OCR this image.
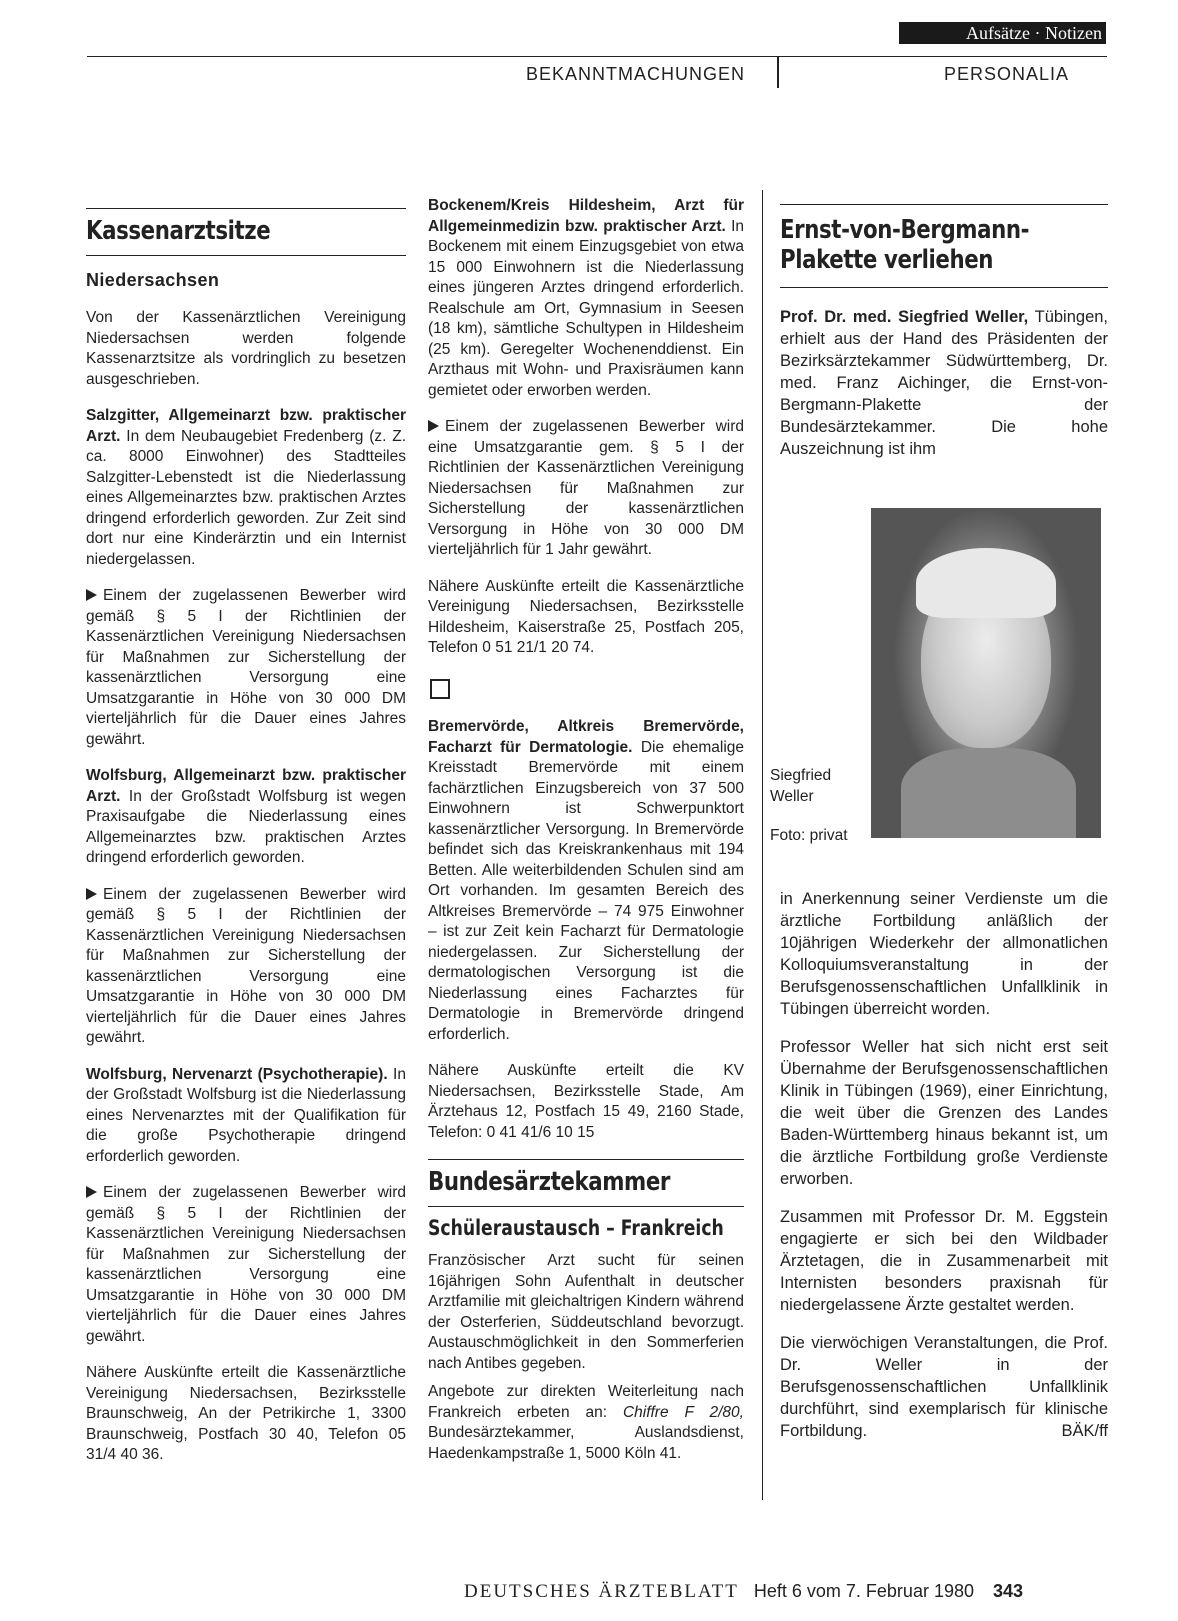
Aufsätze · Notizen
BEKANNTMACHUNGEN	PERSONALIA
Kassenarztsitze
Niedersachsen

Von der Kassenärztlichen Vereinigung Niedersachsen werden folgende Kassenarztsitze als vordringlich zu besetzen ausgeschrieben.

Salzgitter, Allgemeinarzt bzw. praktischer Arzt. In dem Neubaugebiet Fredenberg (z. Z. ca. 8000 Einwohner) des Stadtteiles Salzgitter-Lebenstedt ist die Niederlassung eines Allgemeinarztes bzw. praktischen Arztes dringend erforderlich geworden. Zur Zeit sind dort nur eine Kinderärztin und ein Internist niedergelassen.

Einem der zugelassenen Bewerber wird gemäß § 5 I der Richtlinien der Kassenärztlichen Vereinigung Niedersachsen für Maßnahmen zur Sicherstellung der kassenärztlichen Versorgung eine Umsatzgarantie in Höhe von 30 000 DM vierteljährlich für die Dauer eines Jahres gewährt.

Wolfsburg, Allgemeinarzt bzw. praktischer Arzt. In der Großstadt Wolfsburg ist wegen Praxisaufgabe die Niederlassung eines Allgemeinarztes bzw. praktischen Arztes dringend erforderlich geworden.

Einem der zugelassenen Bewerber wird gemäß § 5 I der Richtlinien der Kassenärztlichen Vereinigung Niedersachsen für Maßnahmen zur Sicherstellung der kassenärztlichen Versorgung eine Umsatzgarantie in Höhe von 30 000 DM vierteljährlich für die Dauer eines Jahres gewährt.

Wolfsburg, Nervenarzt (Psychotherapie). In der Großstadt Wolfsburg ist die Niederlassung eines Nervenarztes mit der Qualifikation für die große Psychotherapie dringend erforderlich geworden.

Einem der zugelassenen Bewerber wird gemäß § 5 I der Richtlinien der Kassenärztlichen Vereinigung Niedersachsen für Maßnahmen zur Sicherstellung der kassenärztlichen Versorgung eine Umsatzgarantie in Höhe von 30 000 DM vierteljährlich für die Dauer eines Jahres gewährt.

Nähere Auskünfte erteilt die Kassenärztliche Vereinigung Niedersachsen, Bezirksstelle Braunschweig, An der Petrikirche 1, 3300 Braunschweig, Postfach 30 40, Telefon 05 31/4 40 36.

Bockenem/Kreis Hildesheim, Arzt für Allgemeinmedizin bzw. praktischer Arzt. In Bockenem mit einem Einzugsgebiet von etwa 15 000 Einwohnern ist die Niederlassung eines jüngeren Arztes dringend erforderlich. Realschule am Ort, Gymnasium in Seesen (18 km), sämtliche Schultypen in Hildesheim (25 km). Geregelter Wochenenddienst. Ein Arzthaus mit Wohn- und Praxisräumen kann gemietet oder erworben werden.

Einem der zugelassenen Bewerber wird eine Umsatzgarantie gem. § 5 I der Richtlinien der Kassenärztlichen Vereinigung Niedersachsen für Maßnahmen zur Sicherstellung der kassenärztlichen Versorgung in Höhe von 30 000 DM vierteljährlich für 1 Jahr gewährt.

Nähere Auskünfte erteilt die Kassenärztliche Vereinigung Niedersachsen, Bezirksstelle Hildesheim, Kaiserstraße 25, Postfach 205, Telefon 0 51 21/1 20 74.

Bremervörde, Altkreis Bremervörde, Facharzt für Dermatologie. Die ehemalige Kreisstadt Bremervörde mit einem fachärztlichen Einzugsbereich von 37 500 Einwohnern ist Schwerpunktort kassenärztlicher Versorgung. In Bremervörde befindet sich das Kreiskrankenhaus mit 194 Betten. Alle weiterbildenden Schulen sind am Ort vorhanden. Im gesamten Bereich des Altkreises Bremervörde – 74 975 Einwohner – ist zur Zeit kein Facharzt für Dermatologie niedergelassen. Zur Sicherstellung der dermatologischen Versorgung ist die Niederlassung eines Facharztes für Dermatologie in Bremervörde dringend erforderlich.

Nähere Auskünfte erteilt die KV Niedersachsen, Bezirksstelle Stade, Am Ärztehaus 12, Postfach 15 49, 2160 Stade, Telefon: 0 41 41/6 10 15

Bundesärztekammer
Schüleraustausch – Frankreich

Französischer Arzt sucht für seinen 16jährigen Sohn Aufenthalt in deutscher Arztfamilie mit gleichaltrigen Kindern während der Osterferien, Süddeutschland bevorzugt. Austauschmöglichkeit in den Sommerferien nach Antibes gegeben.

Angebote zur direkten Weiterleitung nach Frankreich erbeten an: Chiffre F 2/80, Bundesärztekammer, Auslandsdienst, Haedenkampstraße 1, 5000 Köln 41.

Ernst-von-Bergmann-
Plakette verliehen

Prof. Dr. med. Siegfried Weller, Tübingen, erhielt aus der Hand des Präsidenten der Bezirksärztekammer Südwürttemberg, Dr. med. Franz Aichinger, die Ernst-von-Bergmann-Plakette der Bundesärztekammer. Die hohe Auszeichnung ist ihm

Siegfried
Weller
Foto: privat

in Anerkennung seiner Verdienste um die ärztliche Fortbildung anläßlich der 10jährigen Wiederkehr der allmonatlichen Kolloquiumsveranstaltung in der Berufsgenossenschaftlichen Unfallklinik in Tübingen überreicht worden.

Professor Weller hat sich nicht erst seit Übernahme der Berufsgenossenschaftlichen Klinik in Tübingen (1969), einer Einrichtung, die weit über die Grenzen des Landes Baden-Württemberg hinaus bekannt ist, um die ärztliche Fortbildung große Verdienste erworben.

Zusammen mit Professor Dr. M. Eggstein engagierte er sich bei den Wildbader Ärztetagen, die in Zusammenarbeit mit Internisten besonders praxisnah für niedergelassene Ärzte gestaltet werden.

Die vierwöchigen Veranstaltungen, die Prof. Dr. Weller in der Berufsgenossenschaftlichen Unfallklinik durchführt, sind exemplarisch für klinische Fortbildung.	BÄK/ff

DEUTSCHES ÄRZTEBLATT Heft 6 vom 7. Februar 1980 343
